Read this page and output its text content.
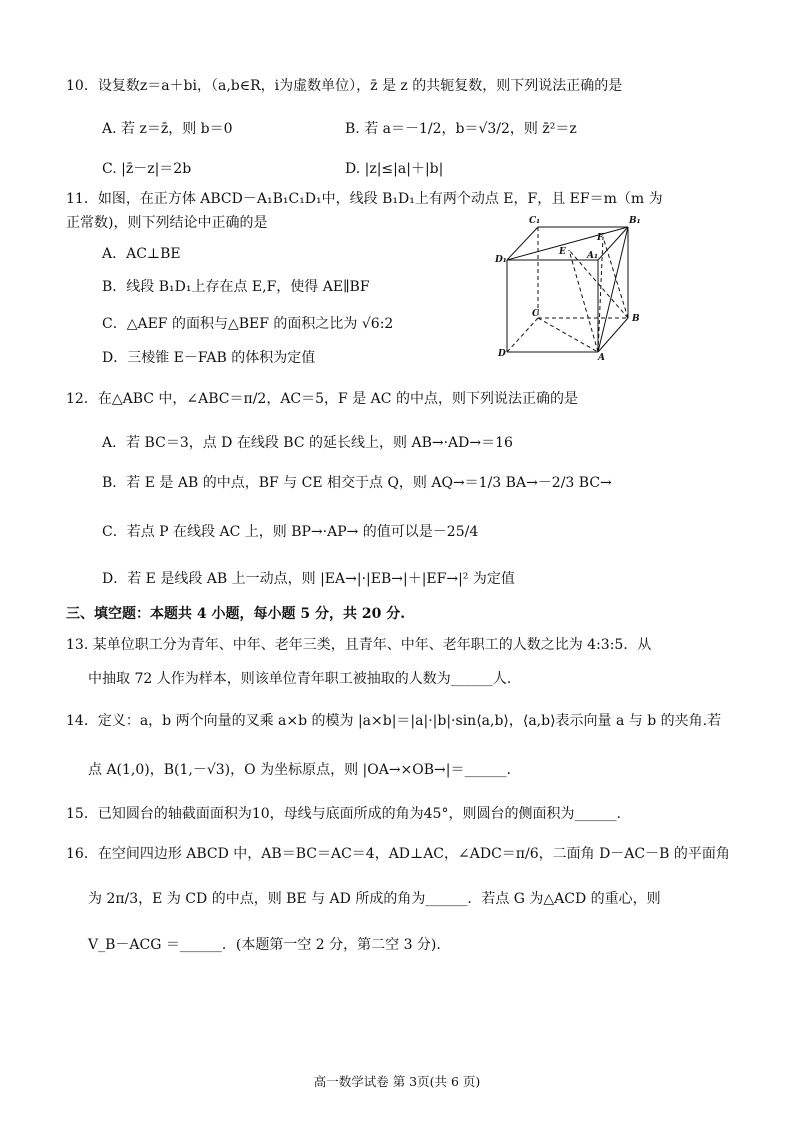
10．设复数z＝a＋bi，（a,b∈R，i为虚数单位），z̄ 是 z 的共轭复数，则下列说法正确的是
A. 若 z＝z̄，则 b＝0	B. 若 a＝－1/2，b＝√3/2，则 z̄²＝z
C. |z̄－z|＝2b	D. |z|≤|a|＋|b|
11．如图，在正方体 ABCD－A₁B₁C₁D₁中，线段 B₁D₁上有两个动点 E，F，且 EF＝m（m 为
正常数)，则下列结论中正确的是
A．AC⊥BE
B．线段 B₁D₁上存在点 E,F，使得 AE∥BF
C．△AEF 的面积与△BEF 的面积之比为 √6:2
D．三棱锥 E－FAB 的体积为定值
C₁	B₁
D₁	A₁
F
E
C	B
D	A
12．在△ABC 中，∠ABC＝π/2，AC＝5，F 是 AC 的中点，则下列说法正确的是
A．若 BC＝3，点 D 在线段 BC 的延长线上，则 AB→·AD→＝16
B．若 E 是 AB 的中点，BF 与 CE 相交于点 Q，则 AQ→＝1/3 BA→－2/3 BC→
C．若点 P 在线段 AC 上，则 BP→·AP→ 的值可以是－25/4
D．若 E 是线段 AB 上一动点，则 |EA→|·|EB→|＋|EF→|² 为定值
三、填空题：本题共 4 小题，每小题 5 分，共 20 分.
13. 某单位职工分为青年、中年、老年三类，且青年、中年、老年职工的人数之比为 4:3:5．从
中抽取 72 人作为样本，则该单位青年职工被抽取的人数为______人.
14．定义：a，b 两个向量的叉乘 a×b 的模为 |a×b|＝|a|·|b|·sin⟨a,b⟩，⟨a,b⟩表示向量 a 与 b 的夹角.若
点 A(1,0)，B(1,－√3)，O 为坐标原点，则 |OA→×OB→|＝______.
15．已知圆台的轴截面面积为10，母线与底面所成的角为45°，则圆台的侧面积为______.
16．在空间四边形 ABCD 中，AB＝BC＝AC＝4，AD⊥AC，∠ADC＝π/6，二面角 D－AC－B 的平面角
为 2π/3，E 为 CD 的中点，则 BE 与 AD 所成的角为______．若点 G 为△ACD 的重心，则
V_B－ACG ＝______．(本题第一空 2 分，第二空 3 分).
高一数学试卷 第 3页(共 6 页)
